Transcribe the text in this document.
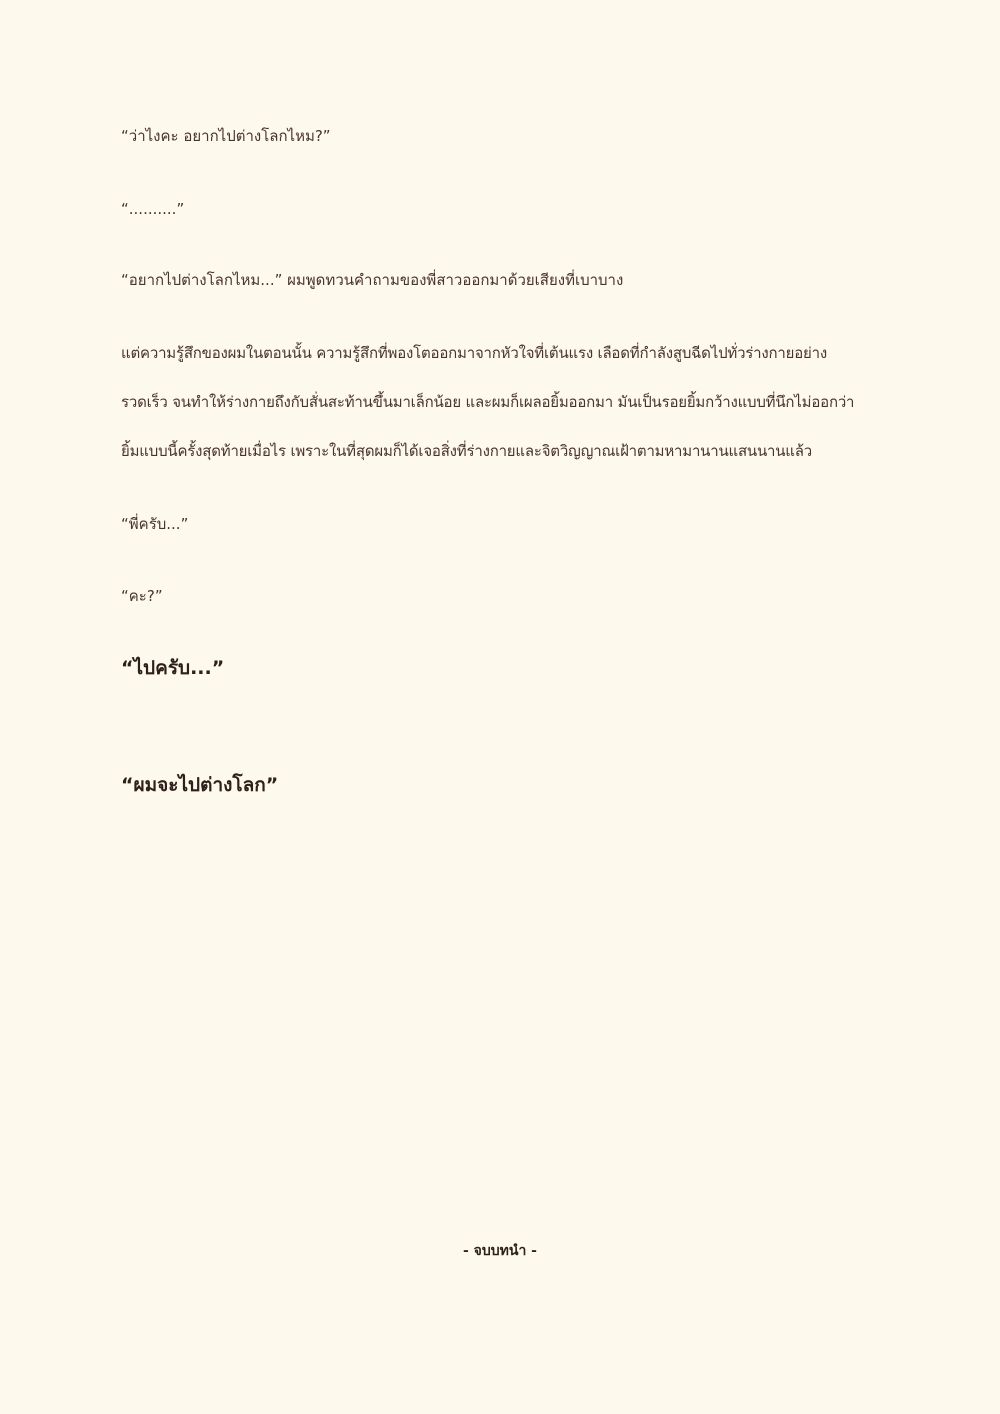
“ว่าไงคะ อยากไปต่างโลกไหม?”
“..........”
“อยากไปต่างโลกไหม...” ผมพูดทวนคำถามของพี่สาวออกมาด้วยเสียงที่เบาบาง
แต่ความรู้สึกของผมในตอนนั้น ความรู้สึกที่พองโตออกมาจากหัวใจที่เต้นแรง เลือดที่กำลังสูบฉีดไปทั่วร่างกายอย่าง
รวดเร็ว จนทำให้ร่างกายถึงกับสั่นสะท้านขึ้นมาเล็กน้อย และผมก็เผลอยิ้มออกมา มันเป็นรอยยิ้มกว้างแบบที่นึกไม่ออกว่า
ยิ้มแบบนี้ครั้งสุดท้ายเมื่อไร เพราะในที่สุดผมก็ได้เจอสิ่งที่ร่างกายและจิตวิญญาณเฝ้าตามหามานานแสนนานแล้ว
“พี่ครับ...”
“คะ?”
“ไปครับ...”
“ผมจะไปต่างโลก”
- จบบทนำ -
